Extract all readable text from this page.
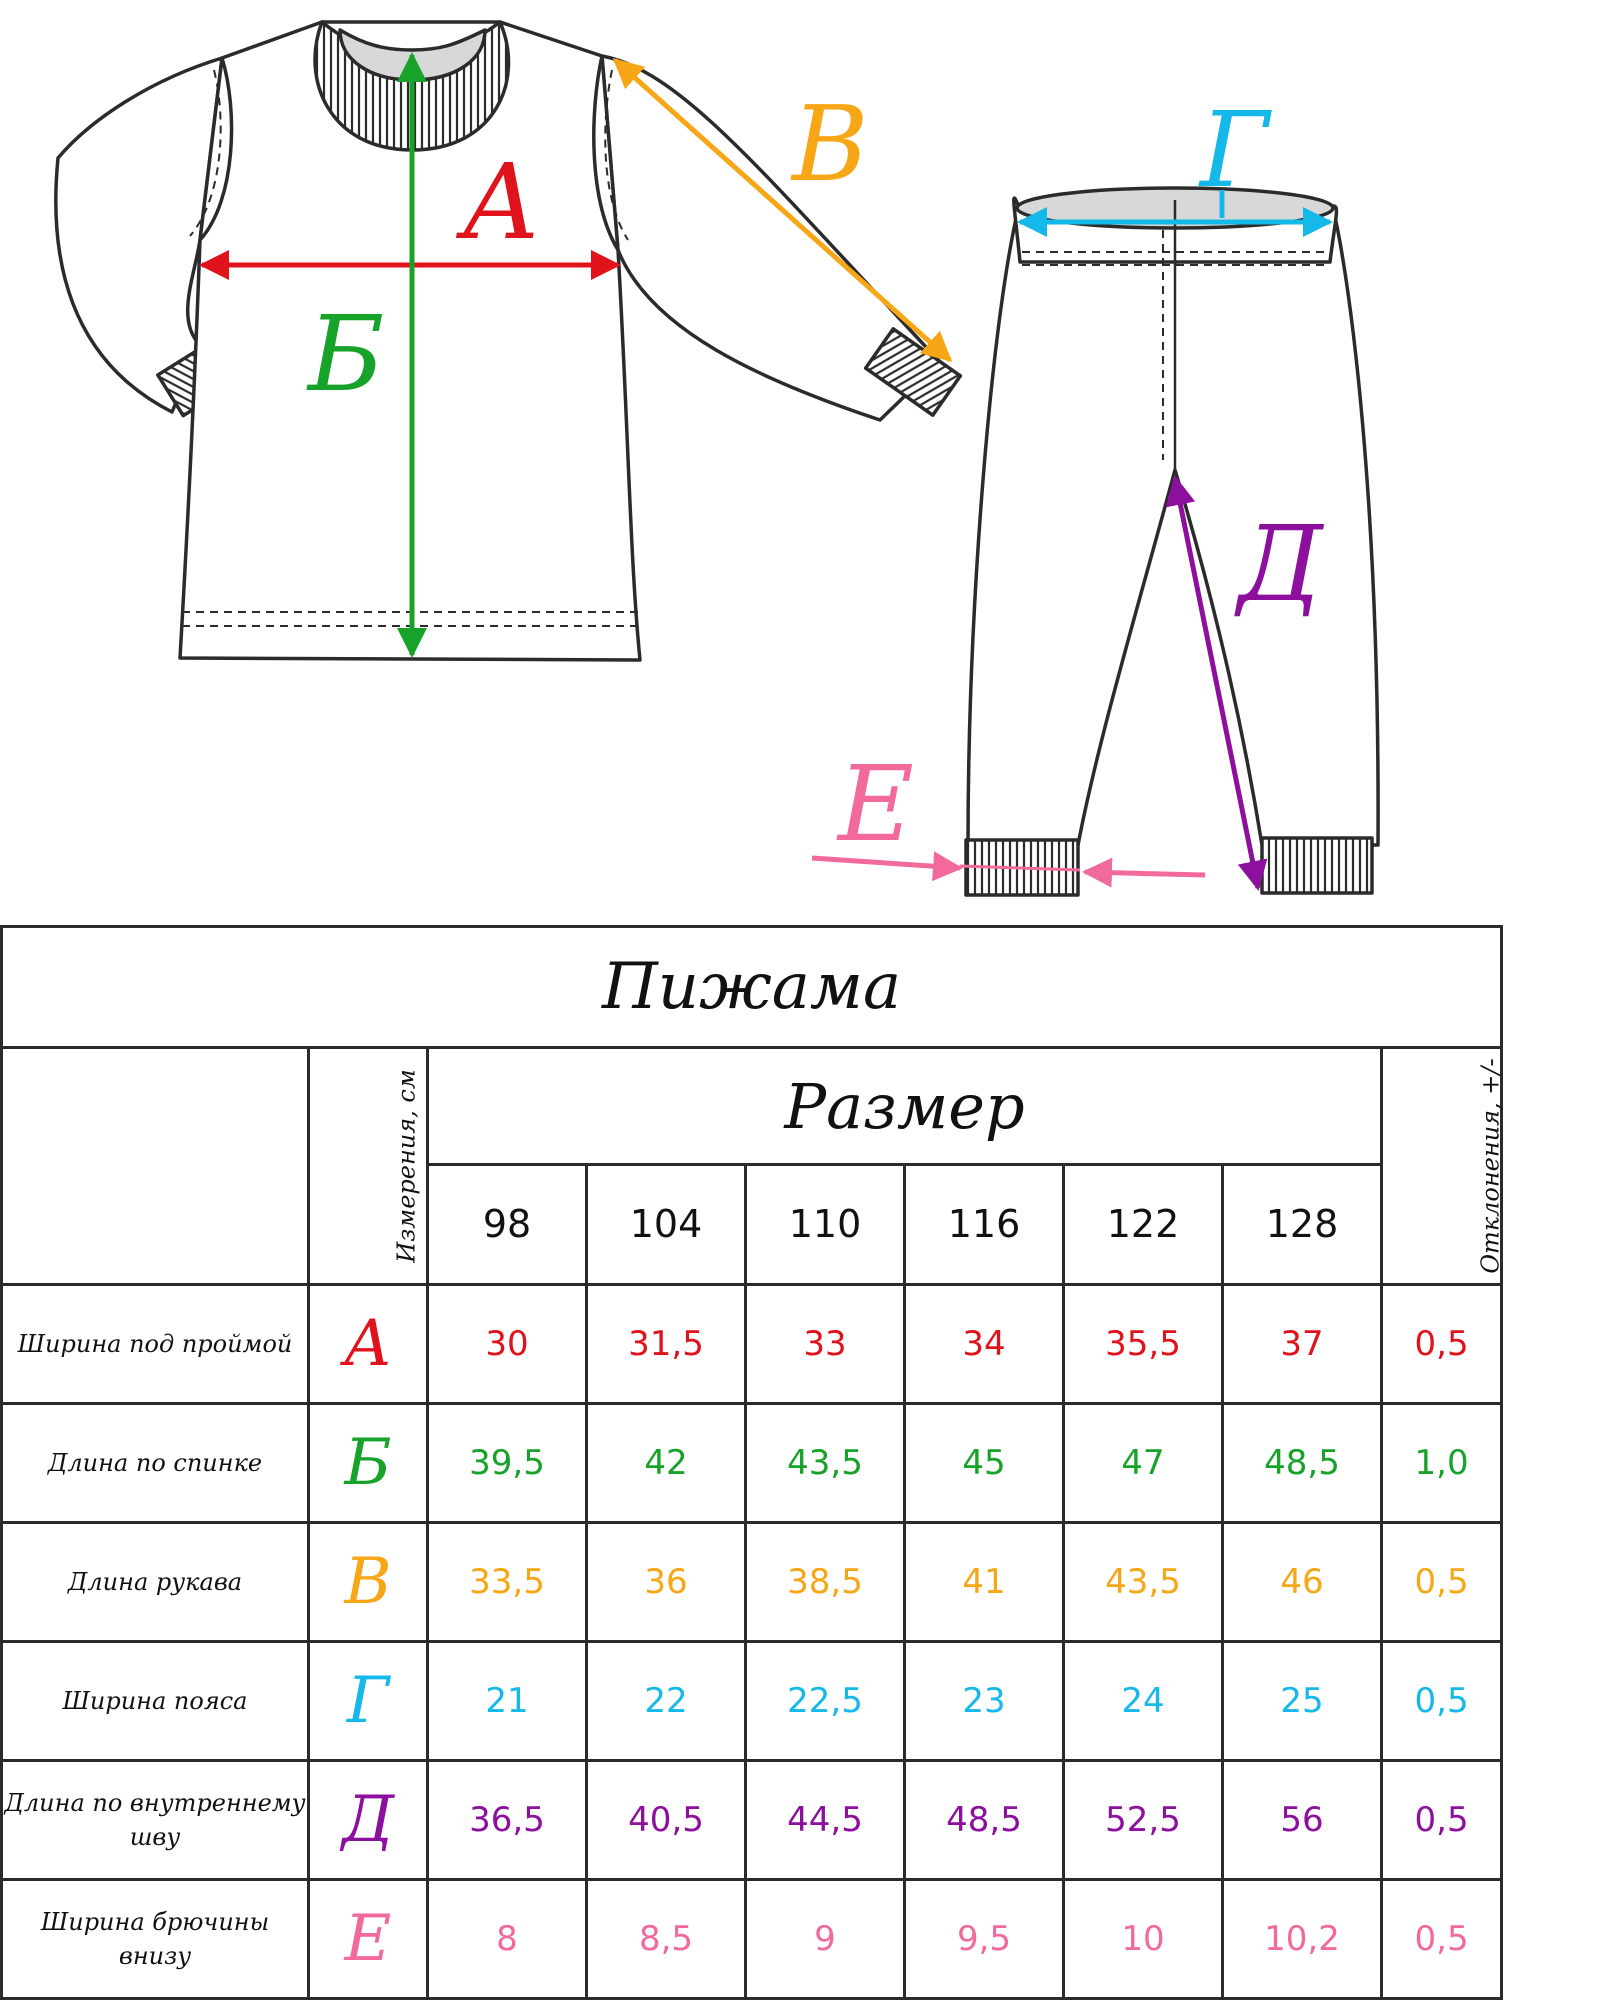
А
Б
В	Г
Д
Е
Пижама								
	Измерения, см	Размер						Отклонения, +/-
		98	104	110	116	122	128	
Ширина под проймой	А	30	31,5	33	34	35,5	37	0,5
Длина по спинке	Б	39,5	42	43,5	45	47	48,5	1,0
Длина рукава	В	33,5	36	38,5	41	43,5	46	0,5
Ширина пояса	Г	21	22	22,5	23	24	25	0,5
Длина по внутреннему шву	Д	36,5	40,5	44,5	48,5	52,5	56	0,5
Ширина брючины внизу	Е	8	8,5	9	9,5	10	10,2	0,5
